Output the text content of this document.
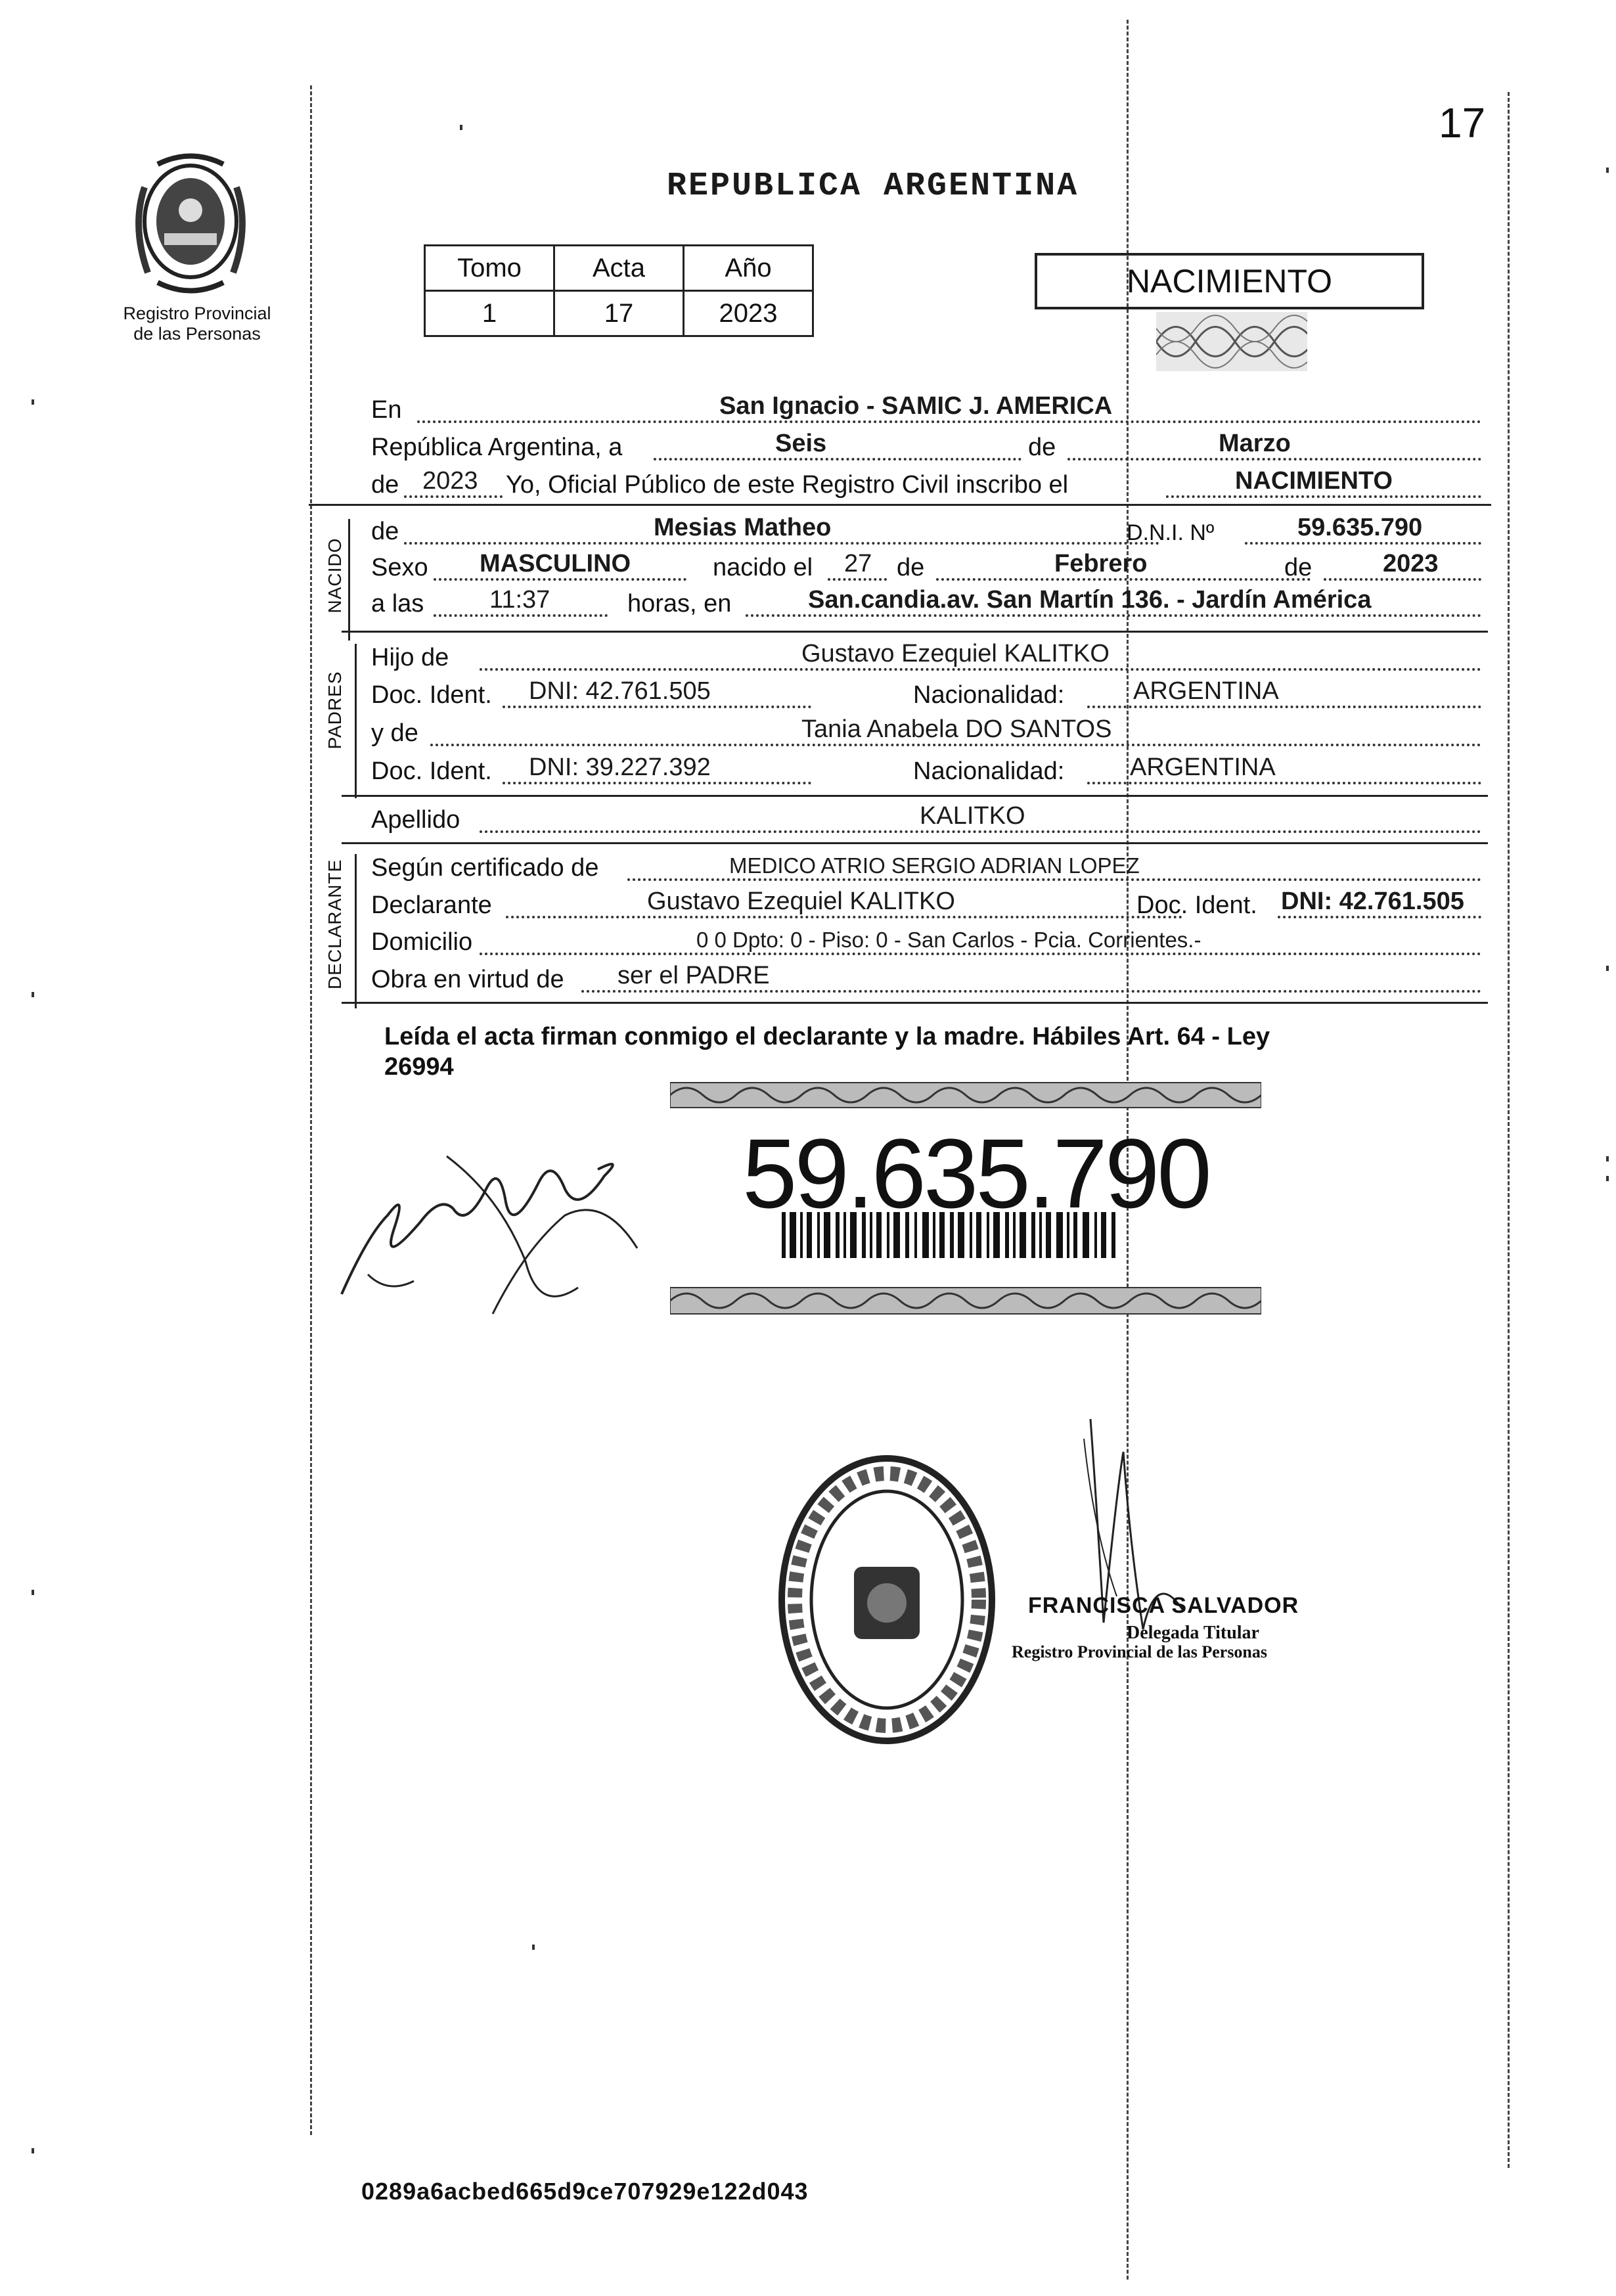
17
Registro Provincial
de las Personas
REPUBLICA ARGENTINA
Tomo	Acta	Año
1	17	2023
NACIMIENTO
En	San Ignacio - SAMIC J. AMERICA
República Argentina, a	Seis	de	Marzo
de 2023 Yo, Oficial Público de este Registro Civil inscribo el	NACIMIENTO
NACIDO
de	Mesias Matheo	D.N.I. Nº	59.635.790
Sexo MASCULINO	nacido el 27 de	Febrero	de	2023
a las	11:37	horas, en	San.candia.av. San Martín 136. - Jardín América
PADRES
Hijo de	Gustavo Ezequiel KALITKO
Doc. Ident. DNI: 42.761.505	Nacionalidad:	ARGENTINA
y de	Tania Anabela DO SANTOS
Doc. Ident. DNI: 39.227.392	Nacionalidad:	ARGENTINA
Apellido	KALITKO
DECLARANTE Según certificado de	MEDICO ATRIO SERGIO ADRIAN LOPEZ
Declarante	Gustavo Ezequiel KALITKO	Doc. Ident. DNI: 42.761.505
Domicilio	0 0 Dpto: 0 - Piso: 0 - San Carlos - Pcia. Corrientes.-
Obra en virtud de ser el PADRE
Leída el acta firman conmigo el declarante y la madre. Hábiles Art. 64 - Ley
26994
59.635.790
FRANCISCA SALVADOR
Delegada Titular
Registro Provincial de las Personas
0289a6acbed665d9ce707929e122d043
